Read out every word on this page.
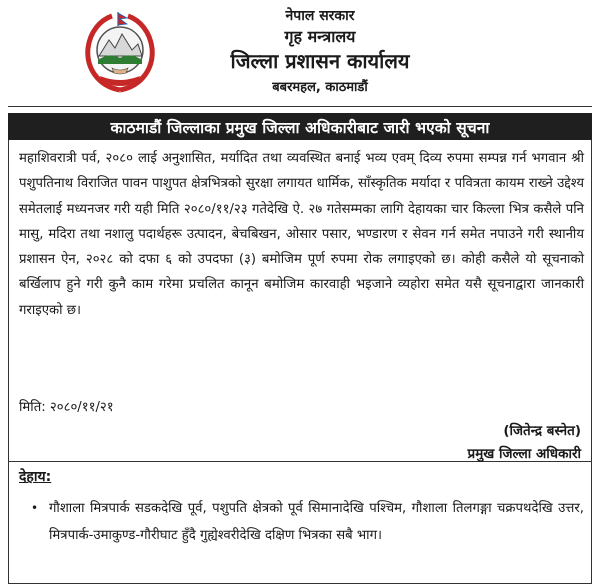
नेपाल सरकार
गृह मन्त्रालय
जिल्ला प्रशासन कार्यालय
बबरमहल, काठमाडौं
काठमाडौं जिल्लाका प्रमुख जिल्ला अधिकारीबाट जारी भएको सूचना
महाशिवरात्री पर्व, २०८० लाई अनुशासित, मर्यादित तथा व्यवस्थित बनाई भव्य एवम् दिव्य रुपमा सम्पन्न गर्न भगवान श्री पशुपतिनाथ विराजित पावन पाशुपत क्षेत्रभित्रको सुरक्षा लगायत धार्मिक, साँस्कृतिक मर्यादा र पवित्रता कायम राख्ने उद्देश्य समेतलाई मध्यनजर गरी यही मिति २०८०/११/२३ गतेदेखि ऐ. २७ गतेसम्मका लागि देहायका चार किल्ला भित्र कसैले पनि मासु, मदिरा तथा नशालु पदार्थहरू उत्पादन, बेचबिखन, ओसार पसार, भण्डारण र सेवन गर्न समेत नपाउने गरी स्थानीय प्रशासन ऐन, २०२८ को दफा ६ को उपदफा (३) बमोजिम पूर्ण रुपमा रोक लगाइएको छ। कोही कसैले यो सूचनाको बर्खिलाप हुने गरी कुनै काम गरेमा प्रचलित कानून बमोजिम कारवाही भइजाने व्यहोरा समेत यसै सूचनाद्वारा जानकारी गराइएको छ।
मिति: २०८०/११/२१
(जितेन्द्र बस्नेत)
प्रमुख जिल्ला अधिकारी
देहाय:
• गौशाला मित्रपार्क सडकदेखि पूर्व, पशुपति क्षेत्रको पूर्व सिमानादेखि पश्चिम, गौशाला तिलगङ्गा चक्रपथदेखि उत्तर, मित्रपार्क-उमाकुण्ड-गौरीघाट हुँदै गुह्येश्वरीदेखि दक्षिण भित्रका सबै भाग।
